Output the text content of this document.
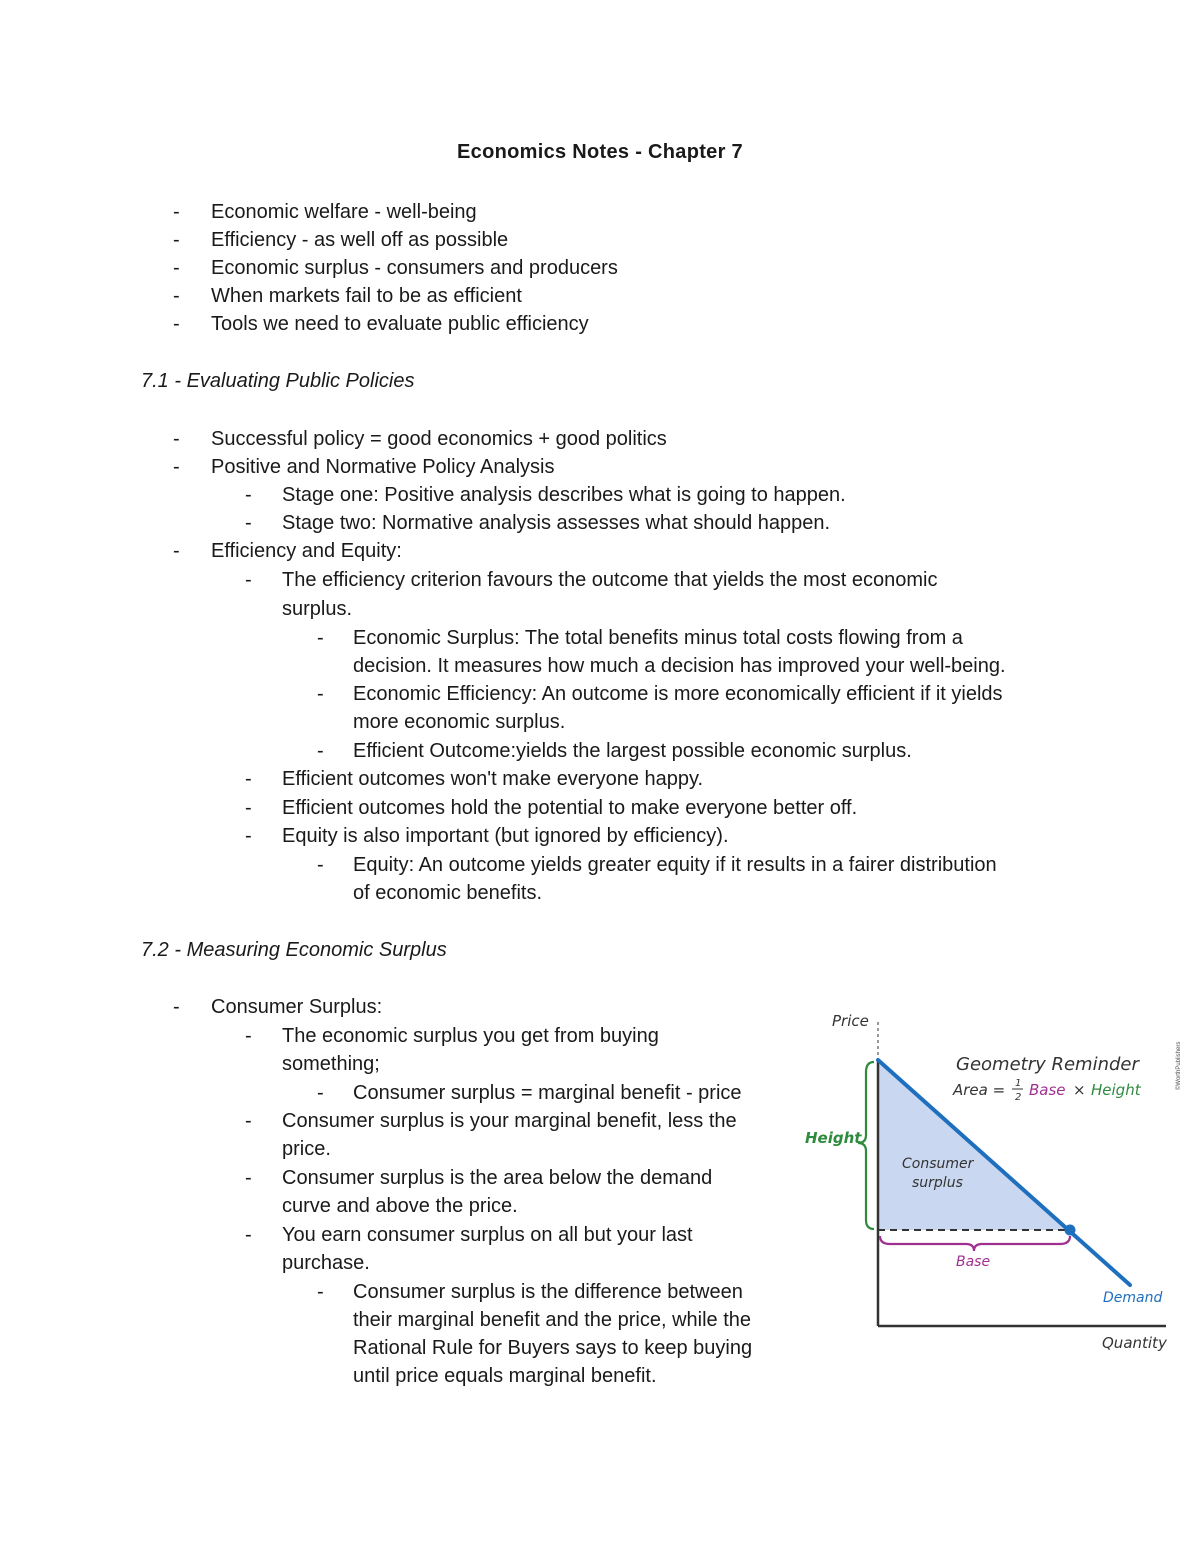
Economics Notes - Chapter 7
- Economic welfare - well-being
- Efficiency - as well off as possible
- Economic surplus - consumers and producers
- When markets fail to be as efficient
- Tools we need to evaluate public efficiency
7.1 - Evaluating Public Policies
- Successful policy = good economics + good politics
- Positive and Normative Policy Analysis
- Stage one: Positive analysis describes what is going to happen.
- Stage two: Normative analysis assesses what should happen.
- Efficiency and Equity:
- The efficiency criterion favours the outcome that yields the most economic
surplus.
- Economic Surplus: The total benefits minus total costs flowing from a
decision. It measures how much a decision has improved your well-being.
- Economic Efficiency: An outcome is more economically efficient if it yields
more economic surplus.
- Efficient Outcome:yields the largest possible economic surplus.
- Efficient outcomes won't make everyone happy.
- Efficient outcomes hold the potential to make everyone better off.
- Equity is also important (but ignored by efficiency).
- Equity: An outcome yields greater equity if it results in a fairer distribution
of economic benefits.
7.2 - Measuring Economic Surplus
- Consumer Surplus:
- The economic surplus you get from buying
something;
- Consumer surplus = marginal benefit - price
- Consumer surplus is your marginal benefit, less the
price.
- Consumer surplus is the area below the demand
curve and above the price.
- You earn consumer surplus on all but your last
purchase.
- Consumer surplus is the difference between
their marginal benefit and the price, while the
Rational Rule for Buyers says to keep buying
until price equals marginal benefit.
Price
Quantity
Height
Base
Consumer
surplus
Demand
Geometry Reminder
Area = 1
2 Base × Height	©WorthPublishers
